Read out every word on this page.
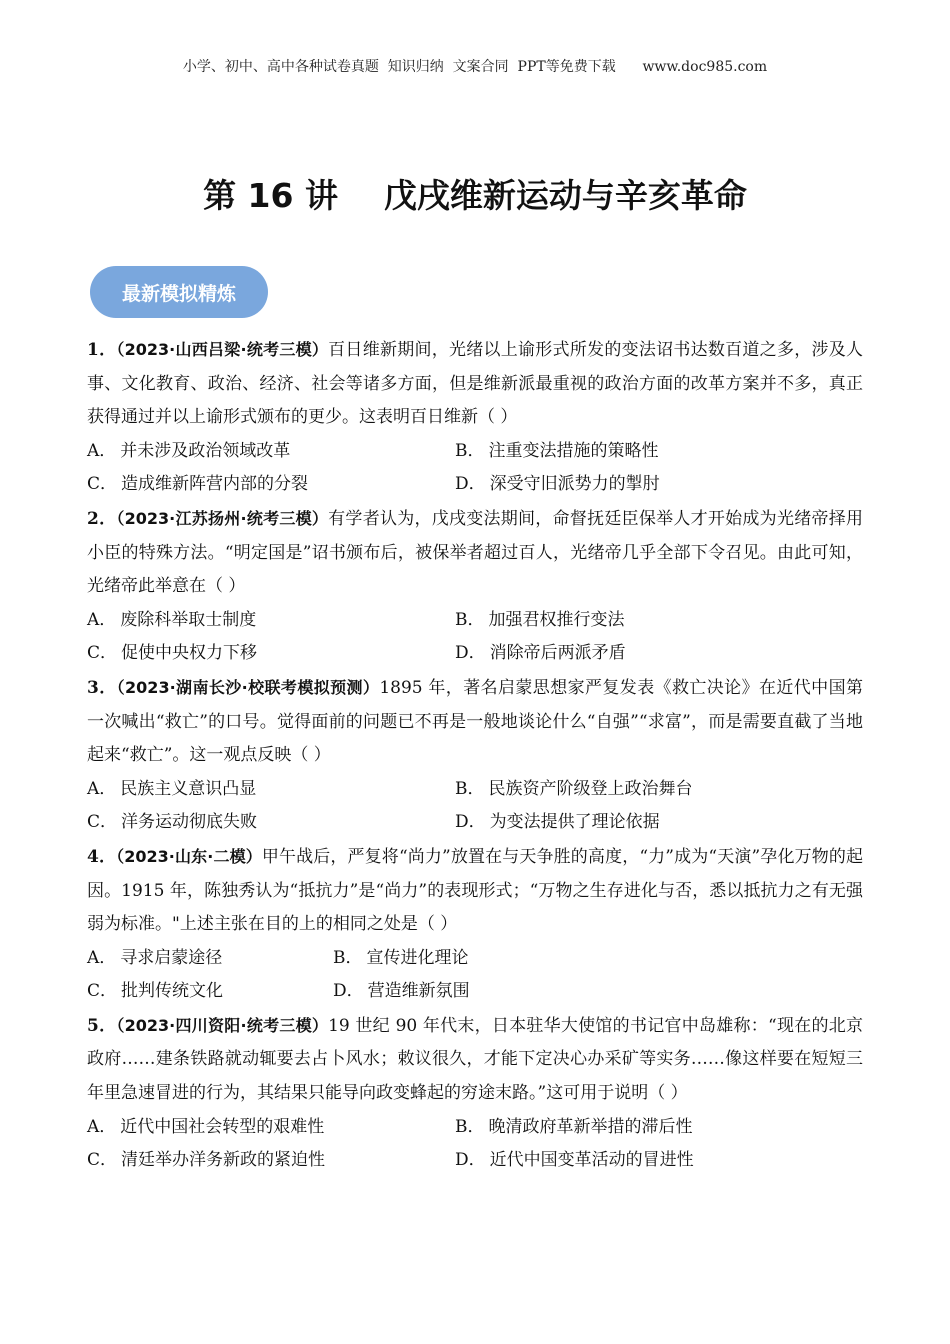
小学、初中、高中各种试卷真题  知识归纳  文案合同  PPT等免费下载      www.doc985.com
第 16 讲    戊戌维新运动与辛亥革命
最新模拟精炼
1．（2023·山西吕梁·统考三模）百日维新期间，光绪以上谕形式所发的变法诏书达数百道之多，涉及人事、文化教育、政治、经济、社会等诸多方面，但是维新派最重视的政治方面的改革方案并不多，真正获得通过并以上谕形式颁布的更少。这表明百日维新（ ）
A． 并未涉及政治领域改革	B． 注重变法措施的策略性
C． 造成维新阵营内部的分裂	D． 深受守旧派势力的掣肘
2．（2023·江苏扬州·统考三模）有学者认为，戊戌变法期间，命督抚廷臣保举人才开始成为光绪帝择用小臣的特殊方法。“明定国是”诏书颁布后，被保举者超过百人，光绪帝几乎全部下令召见。由此可知，光绪帝此举意在（ ）
A． 废除科举取士制度	B． 加强君权推行变法
C． 促使中央权力下移	D． 消除帝后两派矛盾
3．（2023·湖南长沙·校联考模拟预测）1895 年，著名启蒙思想家严复发表《救亡决论》在近代中国第一次喊出“救亡”的口号。觉得面前的问题已不再是一般地谈论什么“自强”“求富”，而是需要直截了当地起来“救亡”。这一观点反映（ ）
A． 民族主义意识凸显	B． 民族资产阶级登上政治舞台
C． 洋务运动彻底失败	D． 为变法提供了理论依据
4．（2023·山东·二模）甲午战后，严复将“尚力”放置在与天争胜的高度，“力”成为“天演”孕化万物的起因。1915 年，陈独秀认为“抵抗力”是“尚力”的表现形式；“万物之生存进化与否，悉以抵抗力之有无强弱为标准。"上述主张在目的上的相同之处是（ ）
A． 寻求启蒙途径	B． 宣传进化理论
C． 批判传统文化	D． 营造维新氛围
5．（2023·四川资阳·统考三模）19 世纪 90 年代末，日本驻华大使馆的书记官中岛雄称：“现在的北京政府……建条铁路就动辄要去占卜风水；敕议很久，才能下定决心办采矿等实务……像这样要在短短三年里急速冒进的行为，其结果只能导向政变蜂起的穷途末路。”这可用于说明（ ）
A． 近代中国社会转型的艰难性	B． 晚清政府革新举措的滞后性
C． 清廷举办洋务新政的紧迫性	D． 近代中国变革活动的冒进性
